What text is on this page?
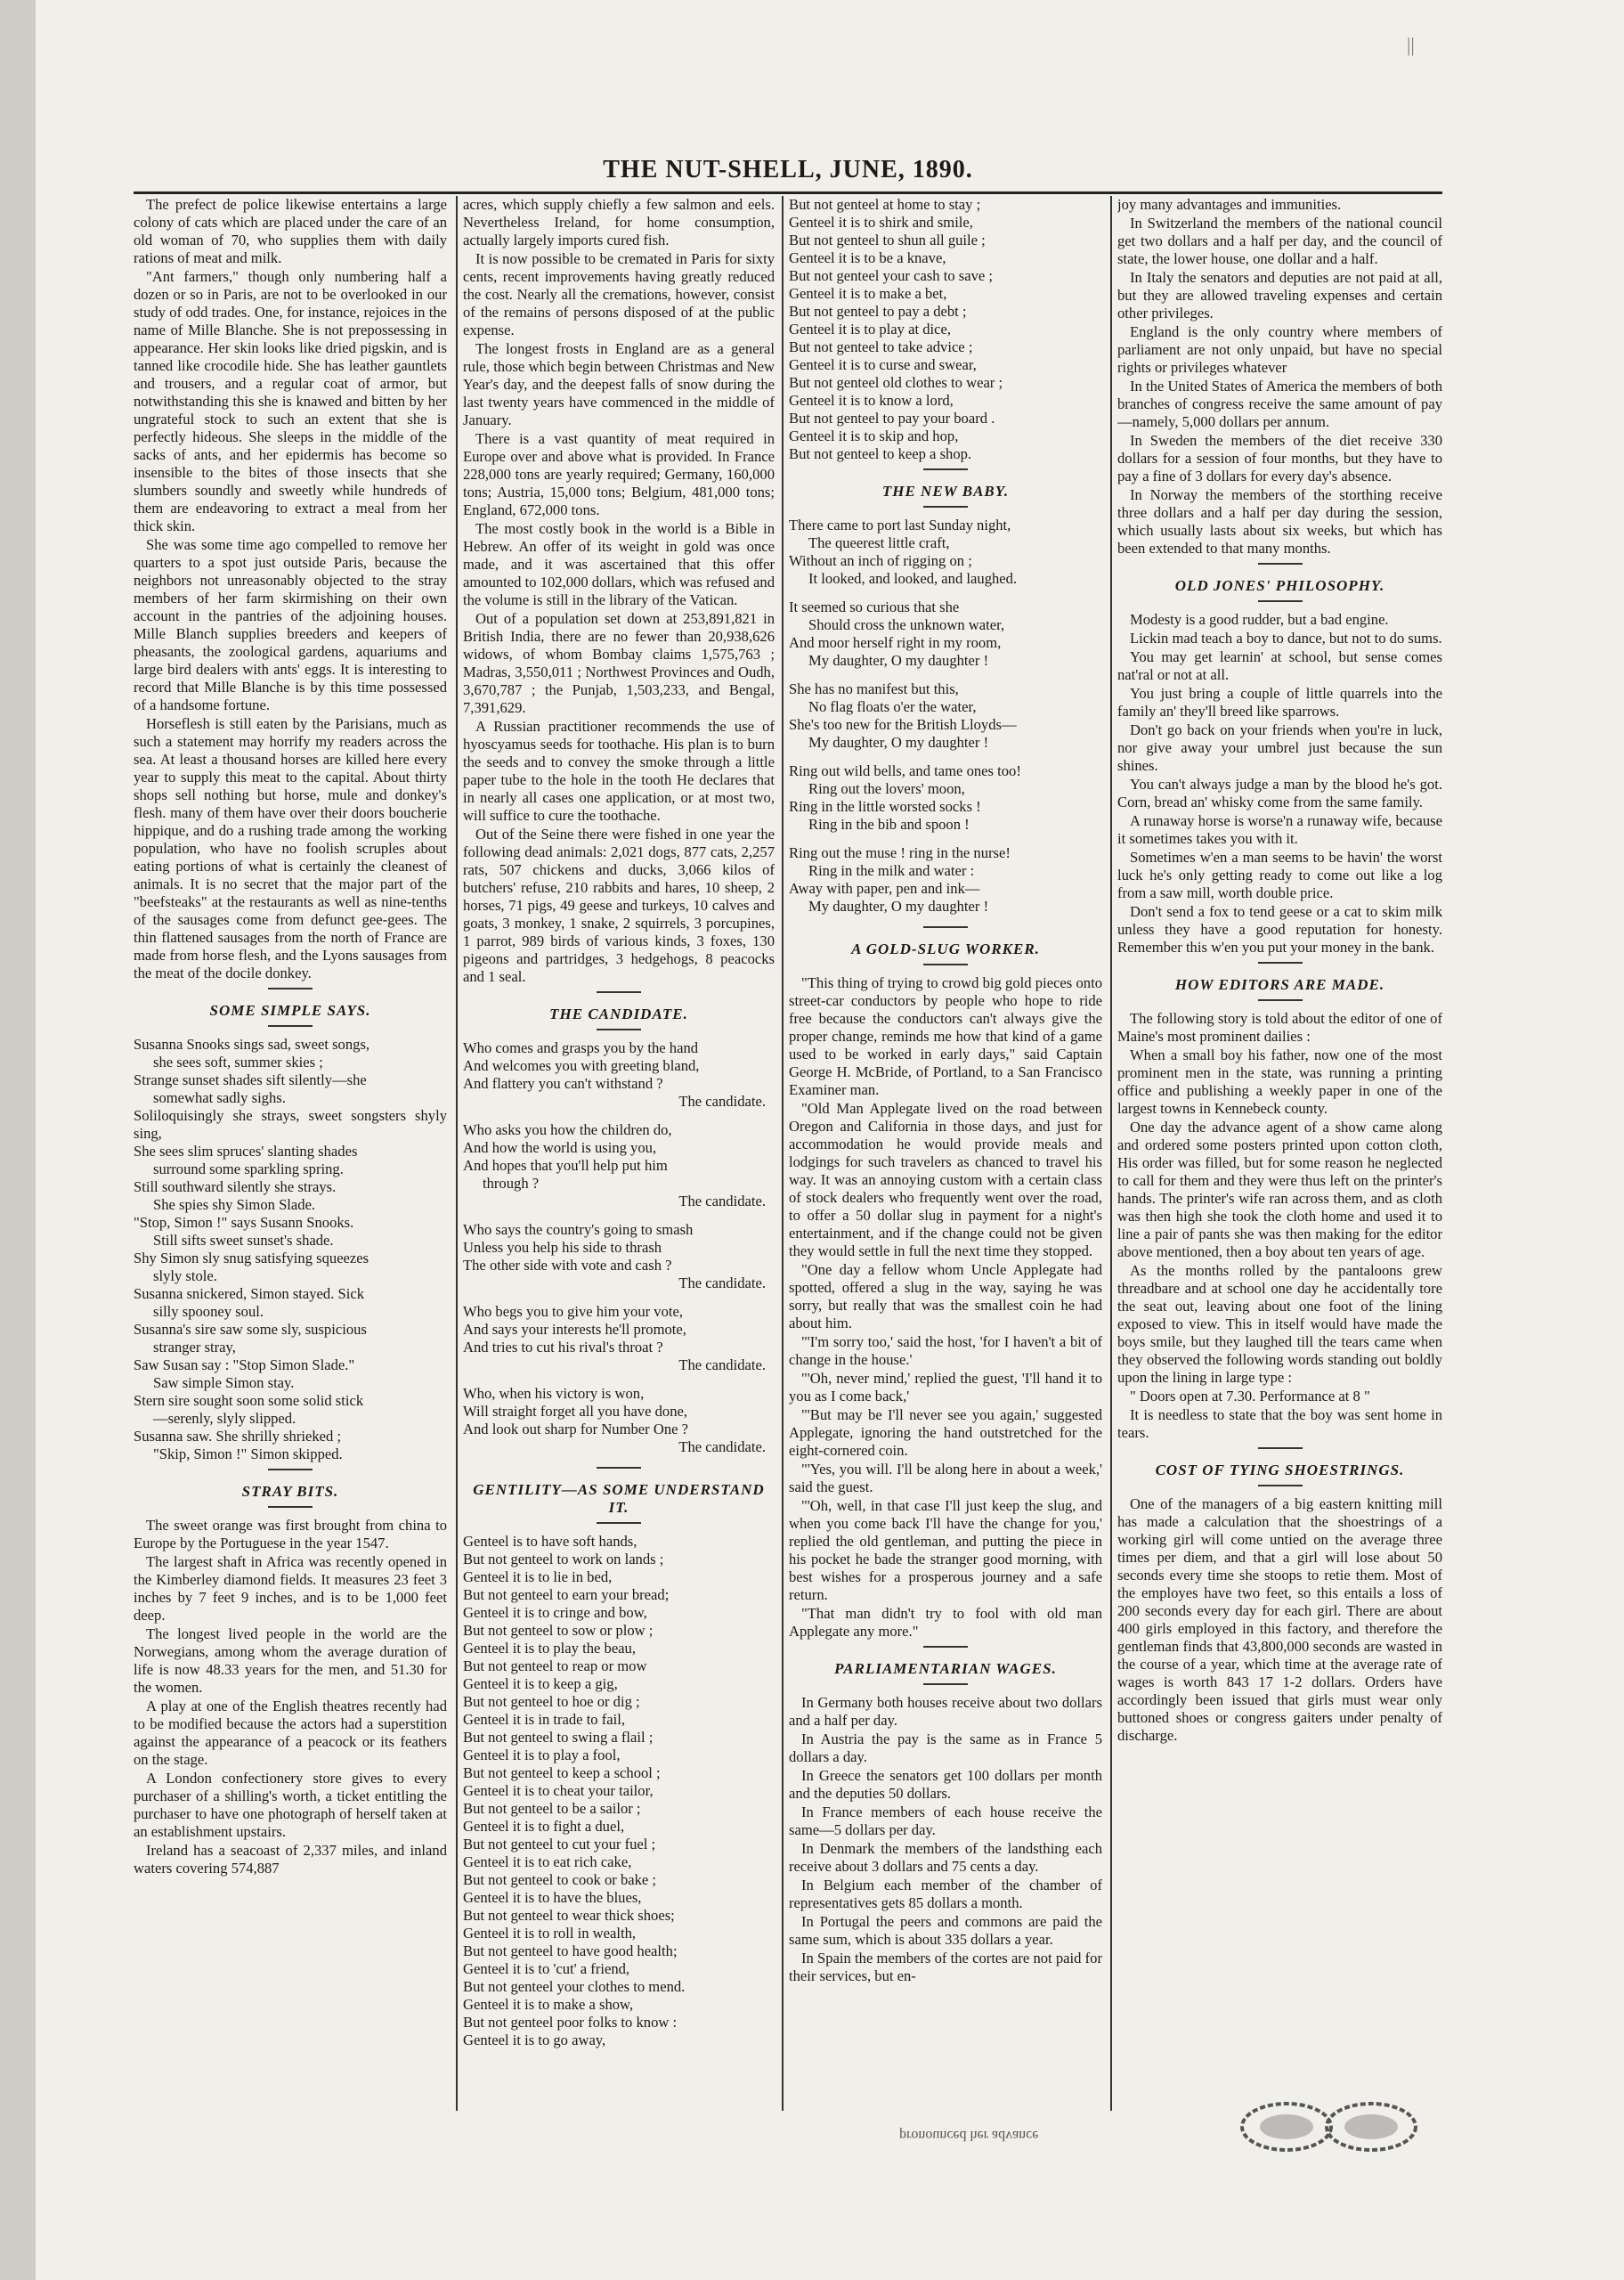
||
THE NUT-SHELL, JUNE, 1890.

The prefect de police likewise entertains a large colony of cats which are placed under the care of an old woman of 70, who supplies them with daily rations of meat and milk.

"Ant farmers," though only numbering half a dozen or so in Paris, are not to be overlooked in our study of odd trades. One, for instance, rejoices in the name of Mille Blanche. She is not prepossessing in appearance. Her skin looks like dried pigskin, and is tanned like crocodile hide. She has leather gauntlets and trousers, and a regular coat of armor, but notwithstanding this she is knawed and bitten by her ungrateful stock to such an extent that she is perfectly hideous. She sleeps in the middle of the sacks of ants, and her epidermis has become so insensible to the bites of those insects that she slumbers soundly and sweetly while hundreds of them are endeavoring to extract a meal from her thick skin.

She was some time ago compelled to remove her quarters to a spot just outside Paris, because the neighbors not unreasonably objected to the stray members of her farm skirmishing on their own account in the pantries of the adjoining houses. Mille Blanch supplies breeders and keepers of pheasants, the zoological gardens, aquariums and large bird dealers with ants' eggs. It is interesting to record that Mille Blanche is by this time possessed of a handsome fortune.

Horseflesh is still eaten by the Parisians, much as such a statement may horrify my readers across the sea. At least a thousand horses are killed here every year to supply this meat to the capital. About thirty shops sell nothing but horse, mule and donkey's flesh. many of them have over their doors boucherie hippique, and do a rushing trade among the working population, who have no foolish scruples about eating portions of what is certainly the cleanest of animals. It is no secret that the major part of the "beefsteaks" at the restaurants as well as nine-tenths of the sausages come from defunct gee-gees. The thin flattened sausages from the north of France are made from horse flesh, and the Lyons sausages from the meat of the docile donkey.

SOME SIMPLE SAYS.
Susanna Snooks sings sad, sweet songs,
she sees soft, summer skies ;
Strange sunset shades sift silently—she
somewhat sadly sighs.
Soliloquisingly she strays, sweet songsters shyly sing,
She sees slim spruces' slanting shades
surround some sparkling spring.
Still southward silently she strays.
She spies shy Simon Slade.
"Stop, Simon !" says Susann Snooks.
Still sifts sweet sunset's shade.
Shy Simon sly snug satisfying squeezes
slyly stole.
Susanna snickered, Simon stayed. Sick
silly spooney soul.
Susanna's sire saw some sly, suspicious
stranger stray,
Saw Susan say : "Stop Simon Slade."
Saw simple Simon stay.
Stern sire sought soon some solid stick
—serenly, slyly slipped.
Susanna saw. She shrilly shrieked ;
"Skip, Simon !" Simon skipped.
STRAY BITS.

The sweet orange was first brought from china to Europe by the Portuguese in the year 1547.

The largest shaft in Africa was recently opened in the Kimberley diamond fields. It measures 23 feet 3 inches by 7 feet 9 inches, and is to be 1,000 feet deep.

The longest lived people in the world are the Norwegians, among whom the average duration of life is now 48.33 years for the men, and 51.30 for the women.

A play at one of the English theatres recently had to be modified because the actors had a superstition against the appearance of a peacock or its feathers on the stage.

A London confectionery store gives to every purchaser of a shilling's worth, a ticket entitling the purchaser to have one photograph of herself taken at an establishment upstairs.

Ireland has a seacoast of 2,337 miles, and inland waters covering 574,887

acres, which supply chiefly a few salmon and eels. Nevertheless Ireland, for home consumption, actually largely imports cured fish.

It is now possible to be cremated in Paris for sixty cents, recent improvements having greatly reduced the cost. Nearly all the cremations, however, consist of the remains of persons disposed of at the public expense.

The longest frosts in England are as a general rule, those which begin between Christmas and New Year's day, and the deepest falls of snow during the last twenty years have commenced in the middle of January.

There is a vast quantity of meat required in Europe over and above what is provided. In France 228,000 tons are yearly required; Germany, 160,000 tons; Austria, 15,000 tons; Belgium, 481,000 tons; England, 672,000 tons.

The most costly book in the world is a Bible in Hebrew. An offer of its weight in gold was once made, and it was ascertained that this offer amounted to 102,000 dollars, which was refused and the volume is still in the library of the Vatican.

Out of a population set down at 253,891,821 in British India, there are no fewer than 20,938,626 widows, of whom Bombay claims 1,575,763 ; Madras, 3,550,011 ; Northwest Provinces and Oudh, 3,670,787 ; the Punjab, 1,503,233, and Bengal, 7,391,629.

A Russian practitioner recommends the use of hyoscyamus seeds for toothache. His plan is to burn the seeds and to convey the smoke through a little paper tube to the hole in the tooth He declares that in nearly all cases one application, or at most two, will suffice to cure the toothache.

Out of the Seine there were fished in one year the following dead animals: 2,021 dogs, 877 cats, 2,257 rats, 507 chickens and ducks, 3,066 kilos of butchers' refuse, 210 rabbits and hares, 10 sheep, 2 horses, 71 pigs, 49 geese and turkeys, 10 calves and goats, 3 monkey, 1 snake, 2 squirrels, 3 porcupines, 1 parrot, 989 birds of various kinds, 3 foxes, 130 pigeons and partridges, 3 hedgehogs, 8 peacocks and 1 seal.

THE CANDIDATE.
Who comes and grasps you by the hand
And welcomes you with greeting bland,
And flattery you can't withstand ?
The candidate.
Who asks you how the children do,
And how the world is using you,
And hopes that you'll help put him
through ?
The candidate.
Who says the country's going to smash
Unless you help his side to thrash
The other side with vote and cash ?
The candidate.
Who begs you to give him your vote,
And says your interests he'll promote,
And tries to cut his rival's throat ?
The candidate.
Who, when his victory is won,
Will straight forget all you have done,
And look out sharp for Number One ?
The candidate.
GENTILITY—AS SOME UNDERSTAND IT.
Genteel is to have soft hands,
But not genteel to work on lands ;
Genteel it is to lie in bed,
But not genteel to earn your bread;
Genteel it is to cringe and bow,
But not genteel to sow or plow ;
Genteel it is to play the beau,
But not genteel to reap or mow
Genteel it is to keep a gig,
But not genteel to hoe or dig ;
Genteel it is in trade to fail,
But not genteel to swing a flail ;
Genteel it is to play a fool,
But not genteel to keep a school ;
Genteel it is to cheat your tailor,
But not genteel to be a sailor ;
Genteel it is to fight a duel,
But not genteel to cut your fuel ;
Genteel it is to eat rich cake,
But not genteel to cook or bake ;
Genteel it is to have the blues,
But not genteel to wear thick shoes;
Genteel it is to roll in wealth,
But not genteel to have good health;
Genteel it is to 'cut' a friend,
But not genteel your clothes to mend.
Genteel it is to make a show,
But not genteel poor folks to know :
Genteel it is to go away,
But not genteel at home to stay ;
Genteel it is to shirk and smile,
But not genteel to shun all guile ;
Genteel it is to be a knave,
But not genteel your cash to save ;
Genteel it is to make a bet,
But not genteel to pay a debt ;
Genteel it is to play at dice,
But not genteel to take advice ;
Genteel it is to curse and swear,
But not genteel old clothes to wear ;
Genteel it is to know a lord,
But not genteel to pay your board .
Genteel it is to skip and hop,
But not genteel to keep a shop.
THE NEW BABY.
There came to port last Sunday night,
The queerest little craft,
Without an inch of rigging on ;
It looked, and looked, and laughed.
It seemed so curious that she
Should cross the unknown water,
And moor herself right in my room,
My daughter, O my daughter !
She has no manifest but this,
No flag floats o'er the water,
She's too new for the British Lloyds—
My daughter, O my daughter !
Ring out wild bells, and tame ones too!
Ring out the lovers' moon,
Ring in the little worsted socks !
Ring in the bib and spoon !
Ring out the muse ! ring in the nurse!
Ring in the milk and water :
Away with paper, pen and ink—
My daughter, O my daughter !
A GOLD-SLUG WORKER.

"This thing of trying to crowd big gold pieces onto street-car conductors by people who hope to ride free because the conductors can't always give the proper change, reminds me how that kind of a game used to be worked in early days," said Captain George H. McBride, of Portland, to a San Francisco Examiner man.

"Old Man Applegate lived on the road between Oregon and California in those days, and just for accommodation he would provide meals and lodgings for such travelers as chanced to travel his way. It was an annoying custom with a certain class of stock dealers who frequently went over the road, to offer a 50 dollar slug in payment for a night's entertainment, and if the change could not be given they would settle in full the next time they stopped.

"One day a fellow whom Uncle Applegate had spotted, offered a slug in the way, saying he was sorry, but really that was the smallest coin he had about him.

"'I'm sorry too,' said the host, 'for I haven't a bit of change in the house.'

"'Oh, never mind,' replied the guest, 'I'll hand it to you as I come back,'

"'But may be I'll never see you again,' suggested Applegate, ignoring the hand outstretched for the eight-cornered coin.

"'Yes, you will. I'll be along here in about a week,' said the guest.

"'Oh, well, in that case I'll just keep the slug, and when you come back I'll have the change for you,' replied the old gentleman, and putting the piece in his pocket he bade the stranger good morning, with best wishes for a prosperous journey and a safe return.

"That man didn't try to fool with old man Applegate any more."

PARLIAMENTARIAN WAGES.

In Germany both houses receive about two dollars and a half per day.

In Austria the pay is the same as in France 5 dollars a day.

In Greece the senators get 100 dollars per month and the deputies 50 dollars.

In France members of each house receive the same—5 dollars per day.

In Denmark the members of the landsthing each receive about 3 dollars and 75 cents a day.

In Belgium each member of the chamber of representatives gets 85 dollars a month.

In Portugal the peers and commons are paid the same sum, which is about 335 dollars a year.

In Spain the members of the cortes are not paid for their services, but en-

joy many advantages and immunities.

In Switzerland the members of the national council get two dollars and a half per day, and the council of state, the lower house, one dollar and a half.

In Italy the senators and deputies are not paid at all, but they are allowed traveling expenses and certain other privileges.

England is the only country where members of parliament are not only unpaid, but have no special rights or privileges whatever

In the United States of America the members of both branches of congress receive the same amount of pay—namely, 5,000 dollars per annum.

In Sweden the members of the diet receive 330 dollars for a session of four months, but they have to pay a fine of 3 dollars for every day's absence.

In Norway the members of the storthing receive three dollars and a half per day during the session, which usually lasts about six weeks, but which has been extended to that many months.

OLD JONES' PHILOSOPHY.

Modesty is a good rudder, but a bad engine.

Lickin mad teach a boy to dance, but not to do sums.

You may get learnin' at school, but sense comes nat'ral or not at all.

You just bring a couple of little quarrels into the family an' they'll breed like sparrows.

Don't go back on your friends when you're in luck, nor give away your umbrel just because the sun shines.

You can't always judge a man by the blood he's got. Corn, bread an' whisky come from the same family.

A runaway horse is worse'n a runaway wife, because it sometimes takes you with it.

Sometimes w'en a man seems to be havin' the worst luck he's only getting ready to come out like a log from a saw mill, worth double price.

Don't send a fox to tend geese or a cat to skim milk unless they have a good reputation for honesty. Remember this w'en you put your money in the bank.

HOW EDITORS ARE MADE.

The following story is told about the editor of one of Maine's most prominent dailies :

When a small boy his father, now one of the most prominent men in the state, was running a printing office and publishing a weekly paper in one of the largest towns in Kennebeck county.

One day the advance agent of a show came along and ordered some posters printed upon cotton cloth, His order was filled, but for some reason he neglected to call for them and they were thus left on the printer's hands. The printer's wife ran across them, and as cloth was then high she took the cloth home and used it to line a pair of pants she was then making for the editor above mentioned, then a boy about ten years of age.

As the months rolled by the pantaloons grew threadbare and at school one day he accidentally tore the seat out, leaving about one foot of the lining exposed to view. This in itself would have made the boys smile, but they laughed till the tears came when they observed the following words standing out boldly upon the lining in large type :

" Doors open at 7.30. Performance at 8 "

It is needless to state that the boy was sent home in tears.

COST OF TYING SHOESTRINGS.

One of the managers of a big eastern knitting mill has made a calculation that the shoestrings of a working girl will come untied on the average three times per diem, and that a girl will lose about 50 seconds every time she stoops to retie them. Most of the employes have two feet, so this entails a loss of 200 seconds every day for each girl. There are about 400 girls employed in this factory, and therefore the gentleman finds that 43,800,000 seconds are wasted in the course of a year, which time at the average rate of wages is worth 843 17 1-2 dollars. Orders have accordingly been issued that girls must wear only buttoned shoes or congress gaiters under penalty of discharge.

pronounced her advance
